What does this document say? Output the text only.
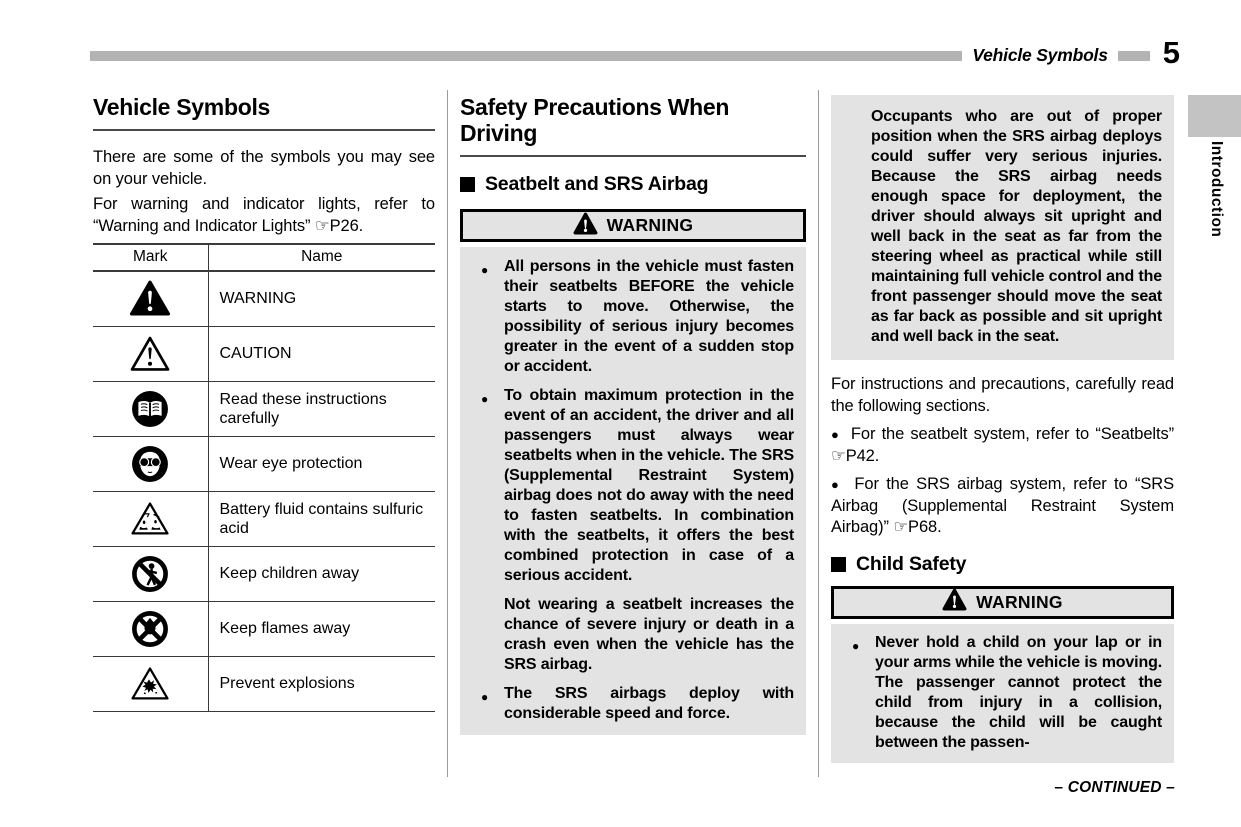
Vehicle Symbols	5
Introduction
Vehicle Symbols

There are some of the symbols you may see on your vehicle.

For warning and indicator lights, refer to “Warning and Indicator Lights” ☞P26.

Mark	Name
	WARNING
	CAUTION
	Read these instructions carefully
	Wear eye protection
	Battery fluid contains sulfuric acid
	Keep children away
	Keep flames away
	Prevent explosions
Safety Precautions When Driving
Seatbelt and SRS Airbag
WARNING

● All persons in the vehicle must fasten their seatbelts BEFORE the vehicle starts to move. Otherwise, the possibility of serious injury becomes greater in the event of a sudden stop or accident.

● To obtain maximum protection in the event of an accident, the driver and all passengers must always wear seatbelts when in the vehicle. The SRS (Supplemental Restraint System) airbag does not do away with the need to fasten seatbelts. In combination with the seatbelts, it offers the best combined protection in case of a serious accident.

Not wearing a seatbelt increases the chance of severe injury or death in a crash even when the vehicle has the SRS airbag.

● The SRS airbags deploy with considerable speed and force.

Occupants who are out of proper position when the SRS airbag deploys could suffer very serious injuries. Because the SRS airbag needs enough space for deployment, the driver should always sit upright and well back in the seat as far from the steering wheel as practical while still maintaining full vehicle control and the front passenger should move the seat as far back as possible and sit upright and well back in the seat.

For instructions and precautions, carefully read the following sections.

●  For the seatbelt system, refer to “Seatbelts” ☞P42.

●  For the SRS airbag system, refer to “SRS Airbag (Supplemental Restraint System Airbag)” ☞P68.

Child Safety
WARNING

● Never hold a child on your lap or in your arms while the vehicle is moving. The passenger cannot protect the child from injury in a collision, because the child will be caught between the passen-

– CONTINUED –
